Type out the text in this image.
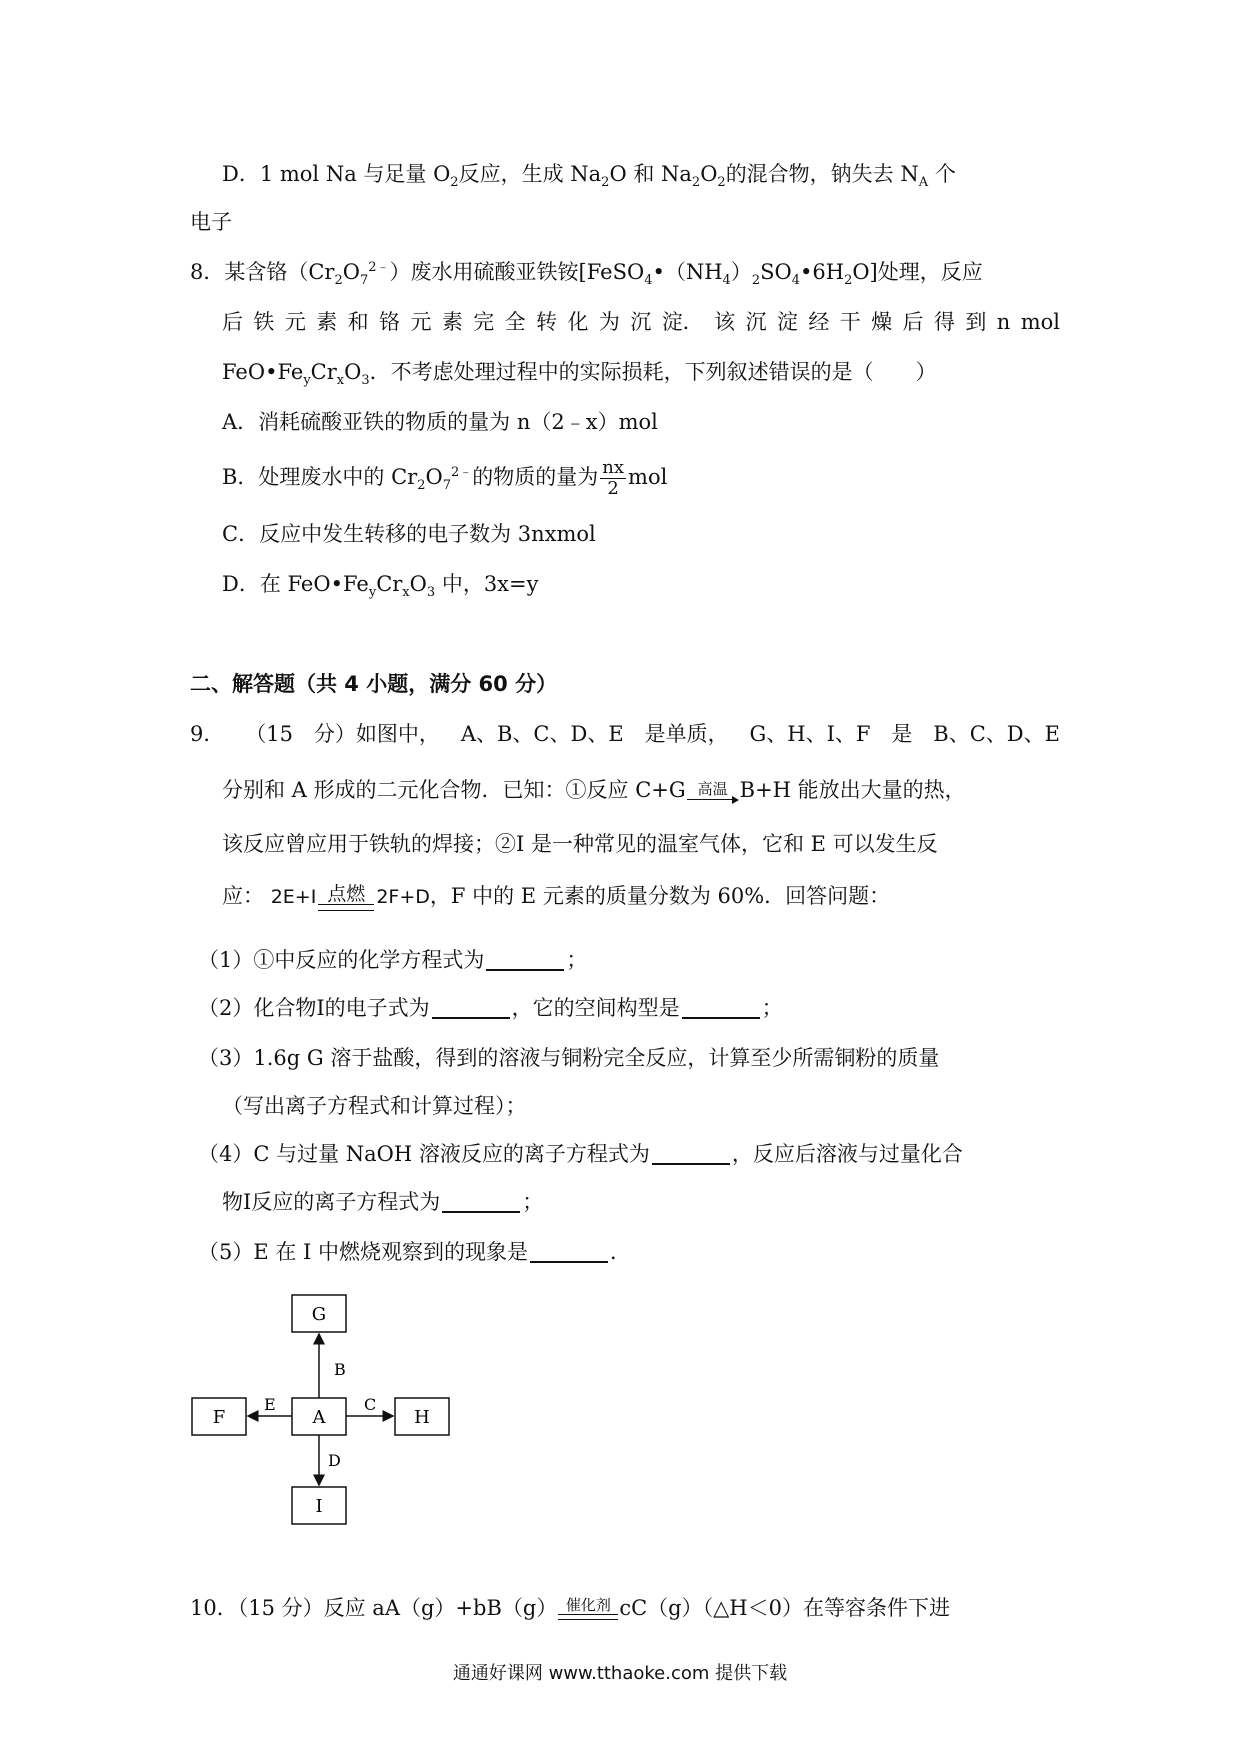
D．1 mol Na 与足量 $O_2$反应，生成 $Na_2O$ 和 $Na_2O_2$的混合物，钠失去 $N_A$ 个
电子
8．某含铬$(Cr_2O_7^{2﹣})$废水用硫酸亚铁铵$[FeSO_4•(NH_4)_2SO_4•6H_2O]$处理，反应
后 铁 元 素 和 铬 元 素 完 全 转 化 为 沉 淀． 该 沉 淀 经 干 燥 后 得 到 n mol
$FeO•Fe_yCr_xO_3$．不考虑处理过程中的实际损耗，下列叙述错误的是（　　）
A．消耗硫酸亚铁的物质的量为 n（2﹣x）mol
B．处理废水中的 $Cr_2O_7^{2﹣}$的物质的量为 $\frac{nx}{2}$ mol
C．反应中发生转移的电子数为 3nxmol
D．在 $FeO•Fe_yCr_xO_3$ 中，3x=y
二、解答题（共 4 小题，满分 60 分）
9． （15 分）如图中， A、B、C、D、E 是单质， G、H、I、F 是 B、C、D、E
分别和 A 形成的二元化合物．已知：①反应 C+G 高温 B+H 能放出大量的热，
该反应曾应用于铁轨的焊接；②I 是一种常见的温室气体，它和 E 可以发生反
应： 2E+I 点燃 2F+D，F 中的 E 元素的质量分数为 60%．回答问题：
（1）①中反应的化学方程式为	；
（2）化合物I的电子式为	，它的空间构型是	；
（3）1.6g G 溶于盐酸，得到的溶液与铜粉完全反应，计算至少所需铜粉的质量
（写出离子方程式和计算过程）；
（4）C 与过量 NaOH 溶液反应的离子方程式为	，反应后溶液与过量化合
物I反应的离子方程式为	；
（5）E 在 I 中燃烧观察到的现象是	．
G
F	A	H
I
B
E	C
D
10．（15 分）反应 aA（g）+bB（g） 催化剂 cC（g）（△H＜0）在等容条件下进
通通好课网 www.tthaoke.com 提供下载
